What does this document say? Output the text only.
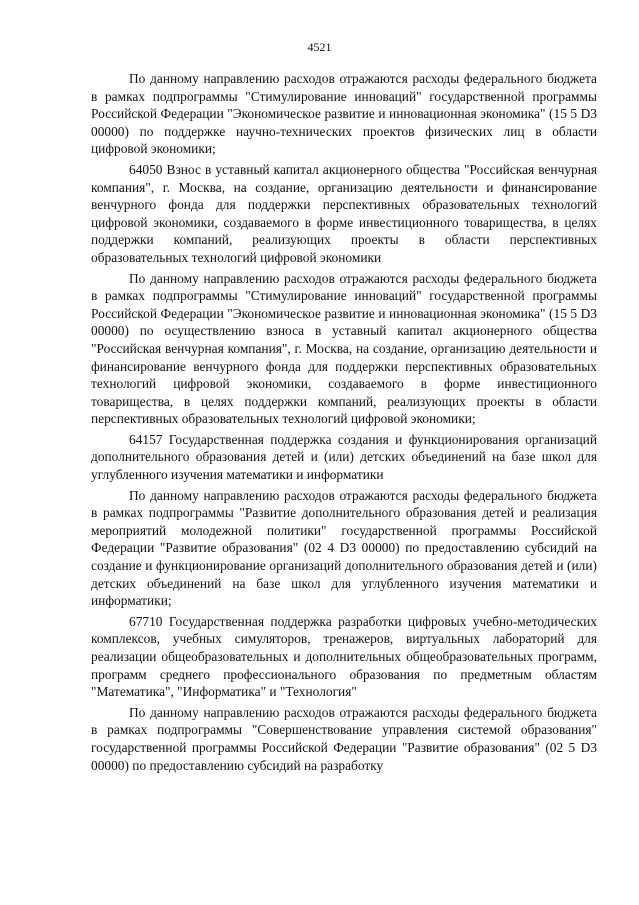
4521

По данному направлению расходов отражаются расходы федерального бюджета в рамках подпрограммы "Стимулирование инноваций" государственной программы Российской Федерации "Экономическое развитие и инновационная экономика" (15 5 D3 00000) по поддержке научно-технических проектов физических лиц в области цифровой экономики;

64050 Взнос в уставный капитал акционерного общества "Российская венчурная компания", г. Москва, на создание, организацию деятельности и финансирование венчурного фонда для поддержки перспективных образовательных технологий цифровой экономики, создаваемого в форме инвестиционного товарищества, в целях поддержки компаний, реализующих проекты в области перспективных образовательных технологий цифровой экономики

По данному направлению расходов отражаются расходы федерального бюджета в рамках подпрограммы "Стимулирование инноваций" государственной программы Российской Федерации "Экономическое развитие и инновационная экономика" (15 5 D3 00000) по осуществлению взноса в уставный капитал акционерного общества "Российская венчурная компания", г. Москва, на создание, организацию деятельности и финансирование венчурного фонда для поддержки перспективных образовательных технологий цифровой экономики, создаваемого в форме инвестиционного товарищества, в целях поддержки компаний, реализующих проекты в области перспективных образовательных технологий цифровой экономики;

64157 Государственная поддержка создания и функционирования организаций дополнительного образования детей и (или) детских объединений на базе школ для углубленного изучения математики и информатики

По данному направлению расходов отражаются расходы федерального бюджета в рамках подпрограммы "Развитие дополнительного образования детей и реализация мероприятий молодежной политики" государственной программы Российской Федерации "Развитие образования" (02 4 D3 00000) по предоставлению субсидий на создание и функционирование организаций дополнительного образования детей и (или) детских объединений на базе школ для углубленного изучения математики и информатики;

67710 Государственная поддержка разработки цифровых учебно-методических комплексов, учебных симуляторов, тренажеров, виртуальных лабораторий для реализации общеобразовательных и дополнительных общеобразовательных программ, программ среднего профессионального образования по предметным областям "Математика", "Информатика" и "Технология"

По данному направлению расходов отражаются расходы федерального бюджета в рамках подпрограммы "Совершенствование управления системой образования" государственной программы Российской Федерации "Развитие образования" (02 5 D3 00000) по предоставлению субсидий на разработку
